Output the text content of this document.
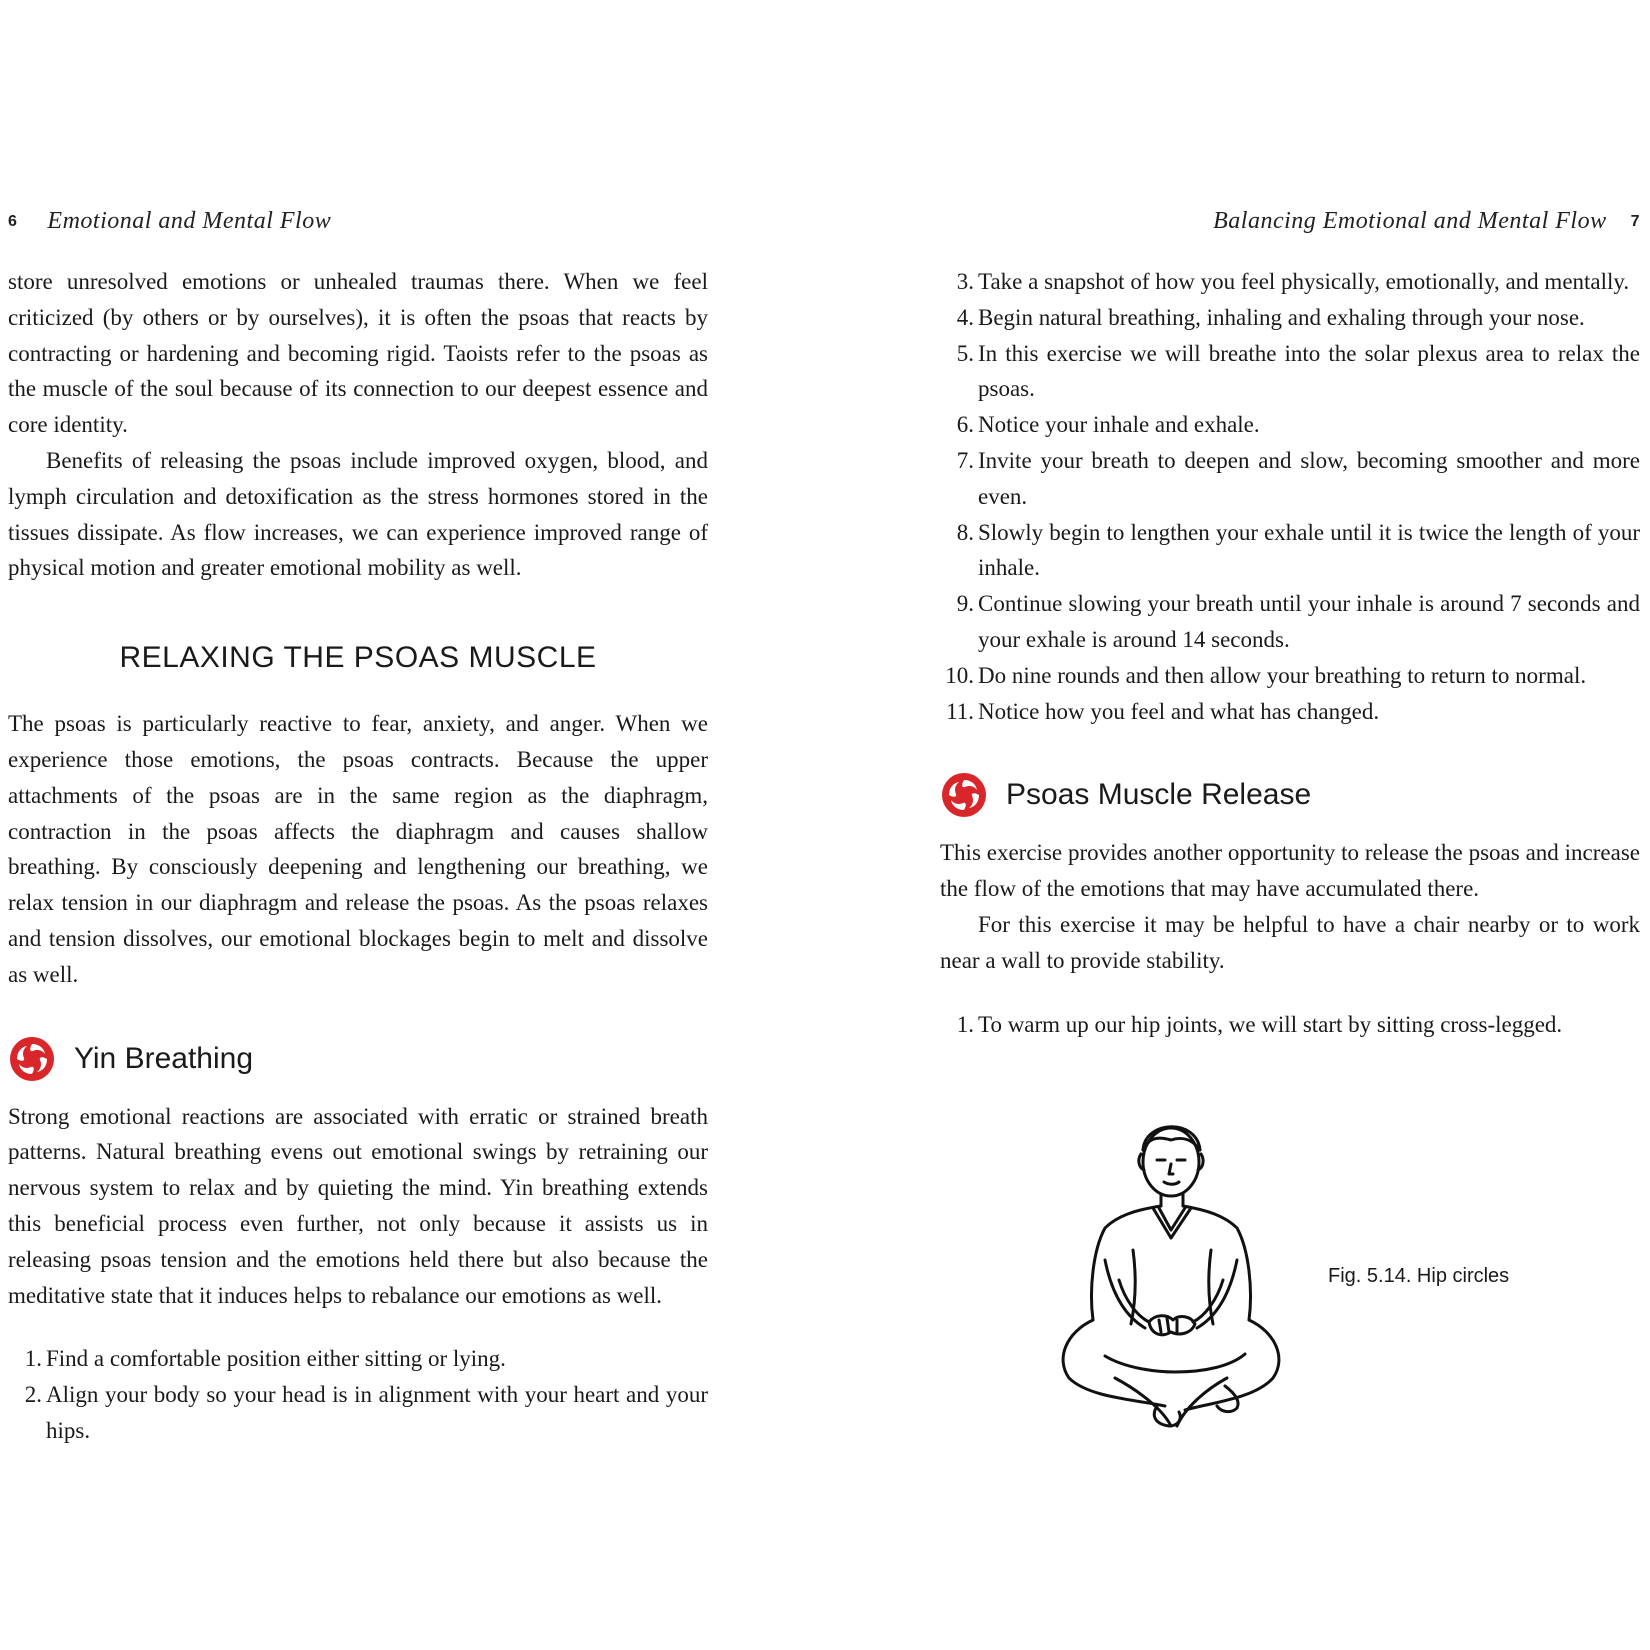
6 Emotional and Mental Flow

store unresolved emotions or unhealed traumas there. When we feel criticized (by others or by ourselves), it is often the psoas that reacts by contracting or hardening and becoming rigid. Taoists refer to the psoas as the muscle of the soul because of its connection to our deepest essence and core identity.

Benefits of releasing the psoas include improved oxygen, blood, and lymph circulation and detoxification as the stress hormones stored in the tissues dissipate. As flow increases, we can experience improved range of physical motion and greater emotional mobility as well.

RELAXING THE PSOAS MUSCLE

The psoas is particularly reactive to fear, anxiety, and anger. When we experience those emotions, the psoas contracts. Because the upper attachments of the psoas are in the same region as the diaphragm, contraction in the psoas affects the diaphragm and causes shallow breathing. By consciously deepening and lengthening our breathing, we relax tension in our diaphragm and release the psoas. As the psoas relaxes and tension dissolves, our emotional blockages begin to melt and dissolve as well.

Yin Breathing

Strong emotional reactions are associated with erratic or strained breath patterns. Natural breathing evens out emotional swings by retraining our nervous system to relax and by quieting the mind. Yin breathing extends this beneficial process even further, not only because it assists us in releasing psoas tension and the emotions held there but also because the meditative state that it induces helps to rebalance our emotions as well.

1. Find a comfortable position either sitting or lying.
2. Align your body so your head is in alignment with your heart and your hips.
Balancing Emotional and Mental Flow 7
3. Take a snapshot of how you feel physically, emotionally, and mentally.
4. Begin natural breathing, inhaling and exhaling through your nose.
5. In this exercise we will breathe into the solar plexus area to relax the psoas.
6. Notice your inhale and exhale.
7. Invite your breath to deepen and slow, becoming smoother and more even.
8. Slowly begin to lengthen your exhale until it is twice the length of your inhale.
9. Continue slowing your breath until your inhale is around 7 seconds and your exhale is around 14 seconds.
10. Do nine rounds and then allow your breathing to return to normal.
11. Notice how you feel and what has changed.
Psoas Muscle Release

This exercise provides another opportunity to release the psoas and increase the flow of the emotions that may have accumulated there.

For this exercise it may be helpful to have a chair nearby or to work near a wall to provide stability.

1. To warm up our hip joints, we will start by sitting cross-legged.
Fig. 5.14. Hip circles
